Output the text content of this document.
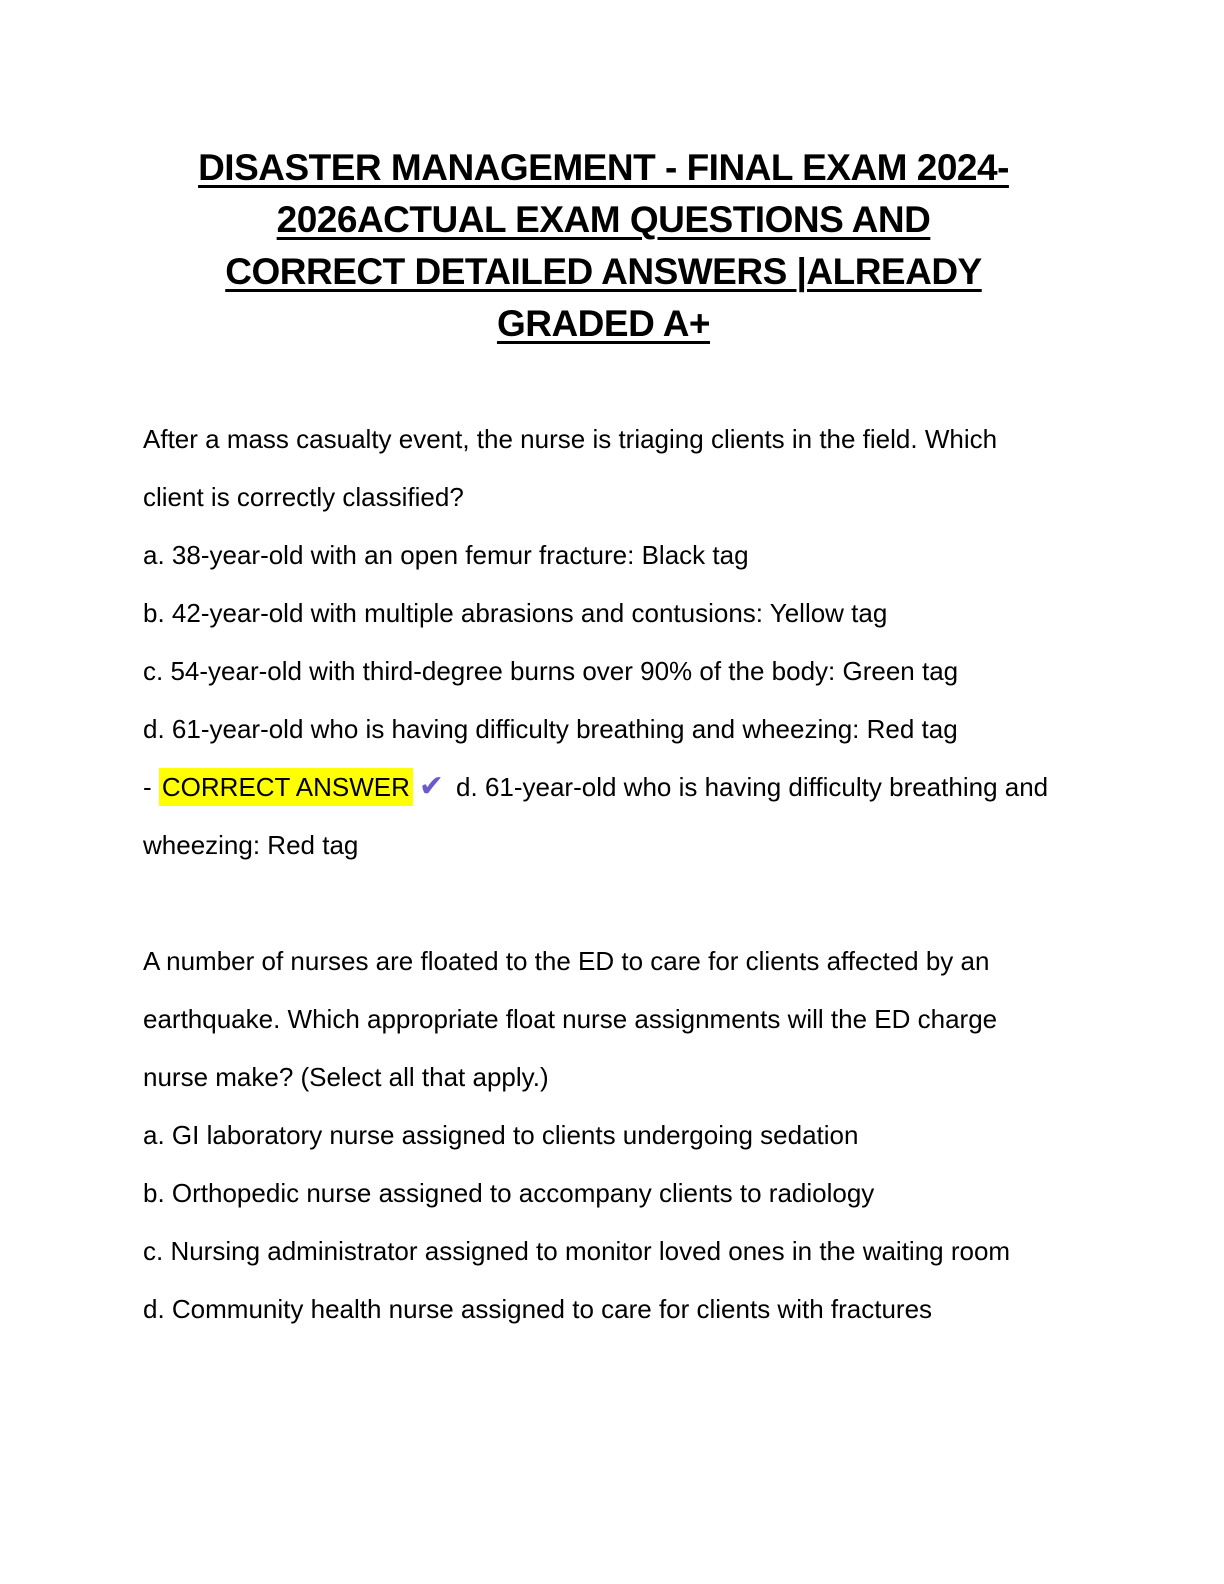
DISASTER MANAGEMENT - FINAL EXAM 2024-
2026ACTUAL EXAM QUESTIONS AND
CORRECT DETAILED ANSWERS |ALREADY
GRADED A+

After a mass casualty event, the nurse is triaging clients in the field. Which client is correctly classified?

a. 38-year-old with an open femur fracture: Black tag

b. 42-year-old with multiple abrasions and contusions: Yellow tag

c. 54-year-old with third-degree burns over 90% of the body: Green tag

d. 61-year-old who is having difficulty breathing and wheezing: Red tag

- CORRECT ANSWER ✔ d. 61-year-old who is having difficulty breathing and wheezing: Red tag

A number of nurses are floated to the ED to care for clients affected by an earthquake. Which appropriate float nurse assignments will the ED charge nurse make? (Select all that apply.)

a. GI laboratory nurse assigned to clients undergoing sedation

b. Orthopedic nurse assigned to accompany clients to radiology

c. Nursing administrator assigned to monitor loved ones in the waiting room

d. Community health nurse assigned to care for clients with fractures
